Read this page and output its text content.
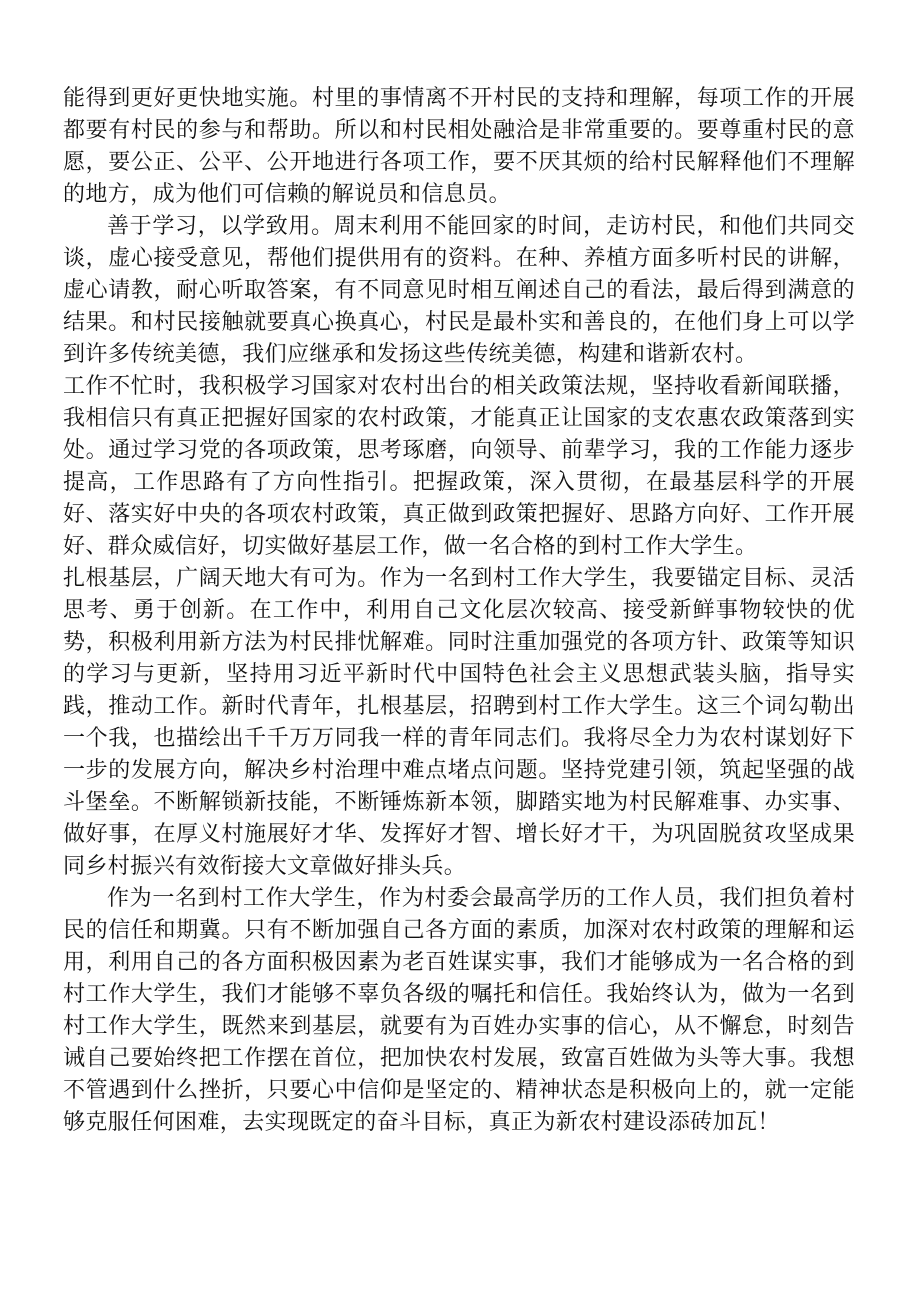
能得到更好更快地实施。村里的事情离不开村民的支持和理解，每项工作的开展都要有村民的参与和帮助。所以和村民相处融洽是非常重要的。要尊重村民的意愿，要公正、公平、公开地进行各项工作，要不厌其烦的给村民解释他们不理解的地方，成为他们可信赖的解说员和信息员。

善于学习，以学致用。周末利用不能回家的时间，走访村民，和他们共同交谈，虚心接受意见，帮他们提供用有的资料。在种、养植方面多听村民的讲解，虚心请教，耐心听取答案，有不同意见时相互阐述自己的看法，最后得到满意的结果。和村民接触就要真心换真心，村民是最朴实和善良的，在他们身上可以学到许多传统美德，我们应继承和发扬这些传统美德，构建和谐新农村。

工作不忙时，我积极学习国家对农村出台的相关政策法规，坚持收看新闻联播，我相信只有真正把握好国家的农村政策，才能真正让国家的支农惠农政策落到实处。通过学习党的各项政策，思考琢磨，向领导、前辈学习，我的工作能力逐步提高，工作思路有了方向性指引。把握政策，深入贯彻，在最基层科学的开展好、落实好中央的各项农村政策，真正做到政策把握好、思路方向好、工作开展好、群众威信好，切实做好基层工作，做一名合格的到村工作大学生。

扎根基层，广阔天地大有可为。作为一名到村工作大学生，我要锚定目标、灵活思考、勇于创新。在工作中，利用自己文化层次较高、接受新鲜事物较快的优势，积极利用新方法为村民排忧解难。同时注重加强党的各项方针、政策等知识的学习与更新，坚持用习近平新时代中国特色社会主义思想武装头脑，指导实践，推动工作。新时代青年，扎根基层，招聘到村工作大学生。这三个词勾勒出一个我，也描绘出千千万万同我一样的青年同志们。我将尽全力为农村谋划好下一步的发展方向，解决乡村治理中难点堵点问题。坚持党建引领，筑起坚强的战斗堡垒。不断解锁新技能，不断锤炼新本领，脚踏实地为村民解难事、办实事、做好事，在厚义村施展好才华、发挥好才智、增长好才干，为巩固脱贫攻坚成果同乡村振兴有效衔接大文章做好排头兵。

作为一名到村工作大学生，作为村委会最高学历的工作人员，我们担负着村民的信任和期冀。只有不断加强自己各方面的素质，加深对农村政策的理解和运用，利用自己的各方面积极因素为老百姓谋实事，我们才能够成为一名合格的到村工作大学生，我们才能够不辜负各级的嘱托和信任。我始终认为，做为一名到村工作大学生，既然来到基层，就要有为百姓办实事的信心，从不懈怠，时刻告诫自己要始终把工作摆在首位，把加快农村发展，致富百姓做为头等大事。我想不管遇到什么挫折，只要心中信仰是坚定的、精神状态是积极向上的，就一定能够克服任何困难，去实现既定的奋斗目标，真正为新农村建设添砖加瓦！
